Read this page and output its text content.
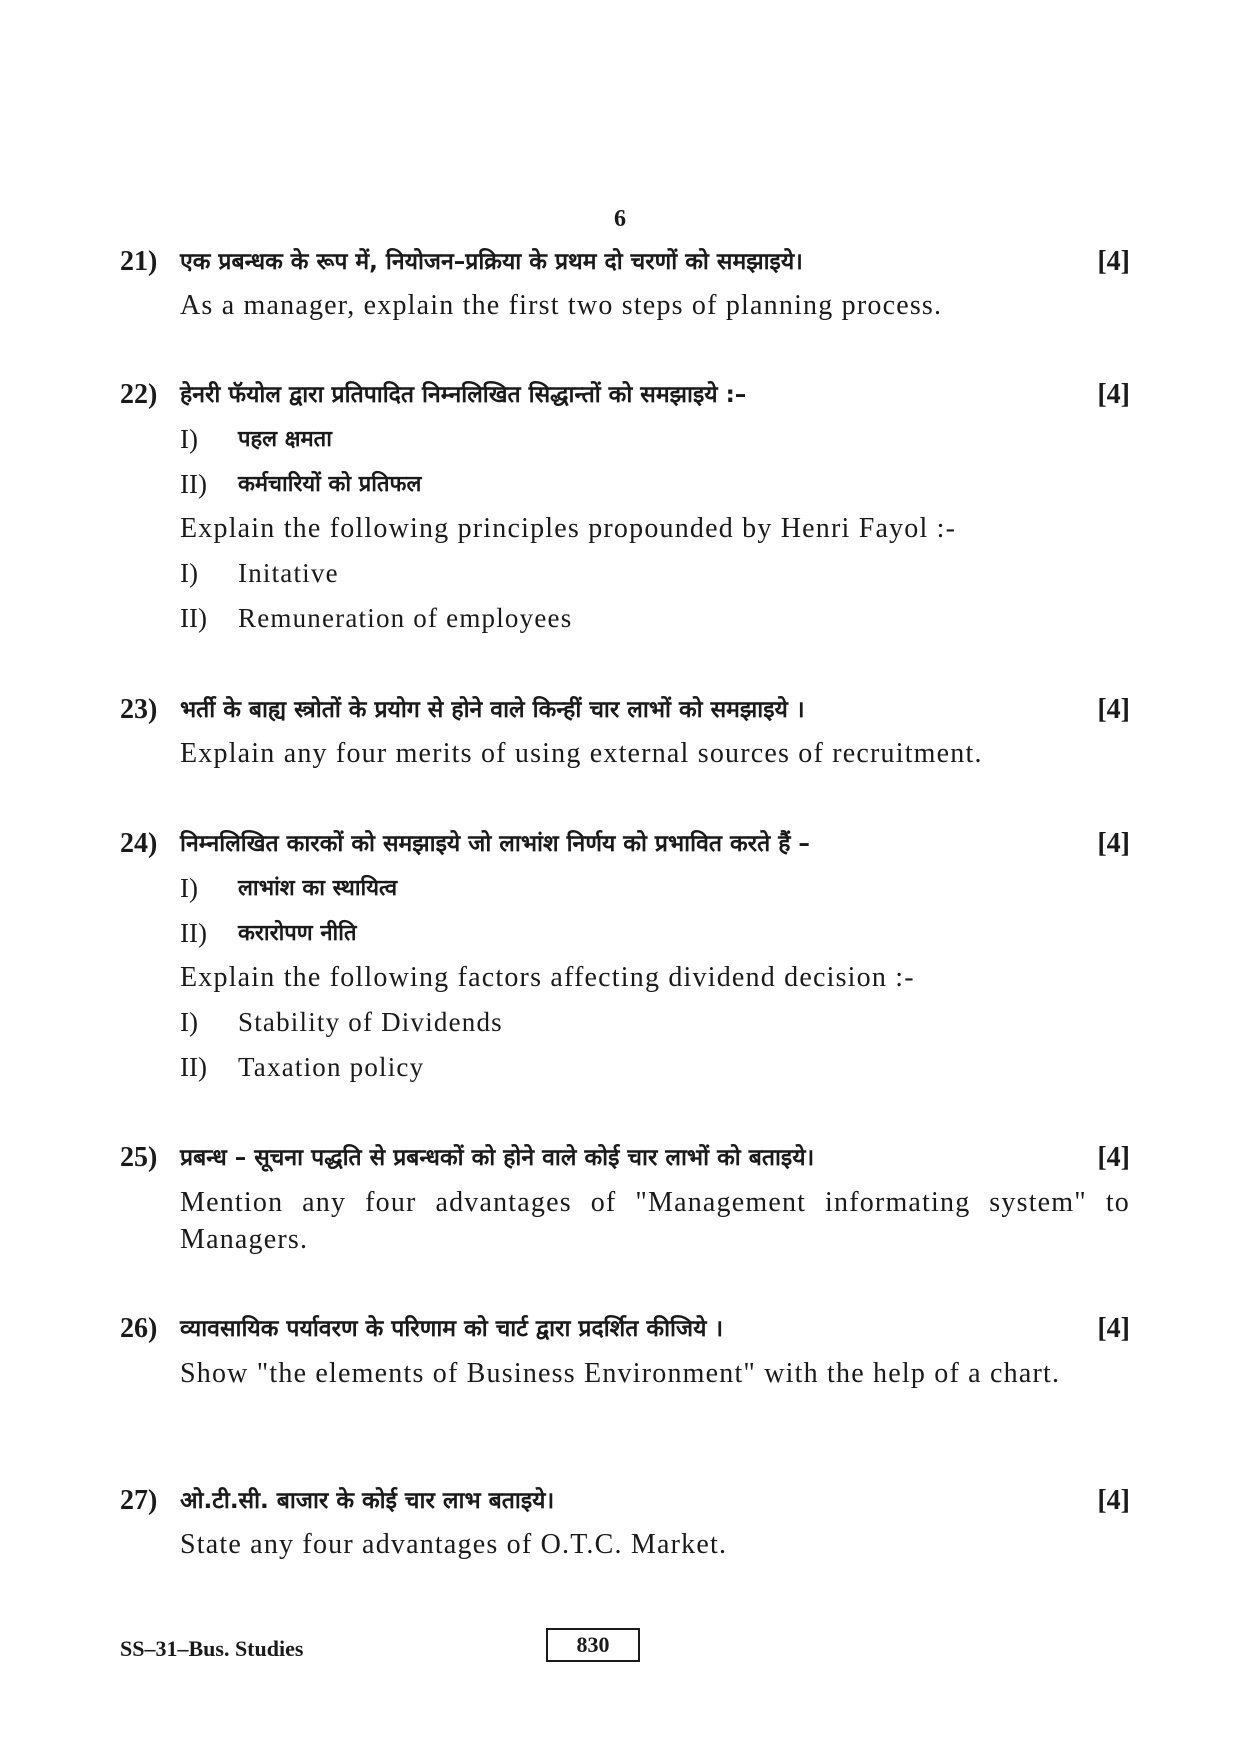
6
21) एक प्रबन्धक के रूप में, नियोजन–प्रक्रिया के प्रथम दो चरणों को समझाइये।	[4]
As a manager, explain the first two steps of planning process.
22) हेनरी फॅयोल द्वारा प्रतिपादित निम्नलिखित सिद्धान्तों को समझाइये :–	[4]
I) पहल क्षमता
II) कर्मचारियों को प्रतिफल
Explain the following principles propounded by Henri Fayol :-
I) Initative
II) Remuneration of employees
23) भर्ती के बाह्य स्त्रोतों के प्रयोग से होने वाले किन्हीं चार लाभों को समझाइये ।	[4]
Explain any four merits of using external sources of recruitment.
24) निम्नलिखित कारकों को समझाइये जो लाभांश निर्णय को प्रभावित करते हैं –	[4]
I) लाभांश का स्थायित्व
II) करारोपण नीति
Explain the following factors affecting dividend decision :-
I) Stability of Dividends
II) Taxation policy
25) प्रबन्ध – सूचना पद्धति से प्रबन्धकों को होने वाले कोई चार लाभों को बताइये।	[4]
Mention any four advantages of "Management informating system" to Managers.
26) व्यावसायिक पर्यावरण के परिणाम को चार्ट द्वारा प्रदर्शित कीजिये ।	[4]
Show "the elements of Business Environment" with the help of a chart.
27) ओ.टी.सी. बाजार के कोई चार लाभ बताइये।	[4]
State any four advantages of O.T.C. Market.
SS–31–Bus. Studies	830
